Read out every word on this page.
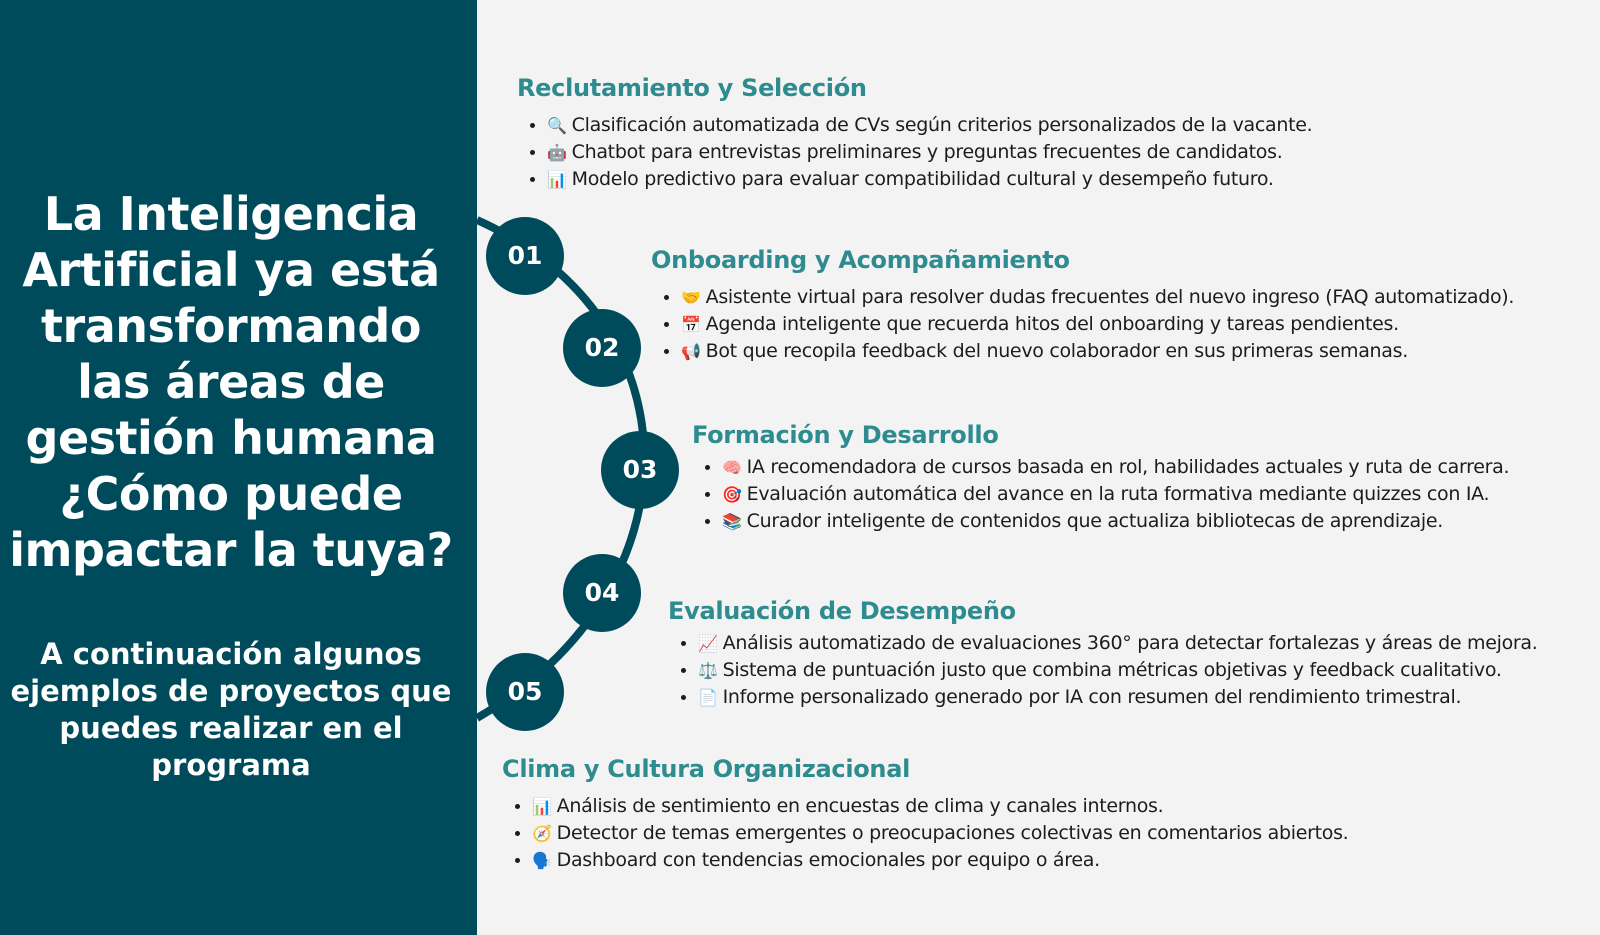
La Inteligencia
Artificial ya está
transformando
las áreas de
gestión humana
¿Cómo puede
impactar la tuya?

A continuación algunos
ejemplos de proyectos que
puedes realizar en el
programa

01
02
03
04
05
Reclutamiento y Selección
• 🔍 Clasificación automatizada de CVs según criterios personalizados de la vacante.
• 🤖 Chatbot para entrevistas preliminares y preguntas frecuentes de candidatos.
• 📊 Modelo predictivo para evaluar compatibilidad cultural y desempeño futuro.
Onboarding y Acompañamiento
• 🤝 Asistente virtual para resolver dudas frecuentes del nuevo ingreso (FAQ automatizado).
• 📅 Agenda inteligente que recuerda hitos del onboarding y tareas pendientes.
• 📢 Bot que recopila feedback del nuevo colaborador en sus primeras semanas.
Formación y Desarrollo
• 🧠 IA recomendadora de cursos basada en rol, habilidades actuales y ruta de carrera.
• 🎯 Evaluación automática del avance en la ruta formativa mediante quizzes con IA.
• 📚 Curador inteligente de contenidos que actualiza bibliotecas de aprendizaje.
Evaluación de Desempeño
• 📈 Análisis automatizado de evaluaciones 360° para detectar fortalezas y áreas de mejora.
• ⚖️ Sistema de puntuación justo que combina métricas objetivas y feedback cualitativo.
• 📄 Informe personalizado generado por IA con resumen del rendimiento trimestral.
Clima y Cultura Organizacional
• 📊 Análisis de sentimiento en encuestas de clima y canales internos.
• 🧭 Detector de temas emergentes o preocupaciones colectivas en comentarios abiertos.
• 🗣️ Dashboard con tendencias emocionales por equipo o área.
